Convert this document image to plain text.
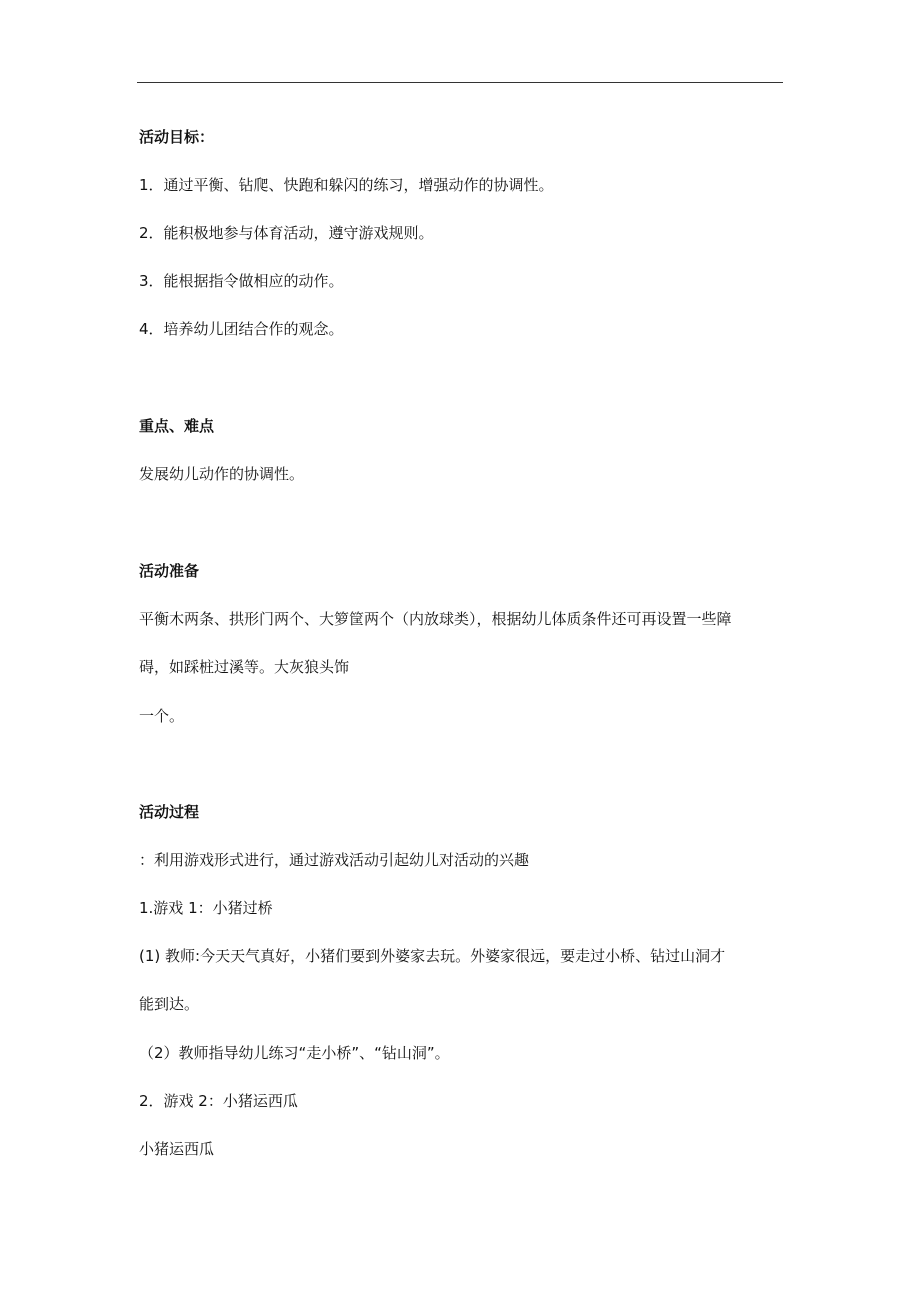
活动目标：
1．通过平衡、钻爬、快跑和躲闪的练习，增强动作的协调性。
2．能积极地参与体育活动，遵守游戏规则。
3．能根据指令做相应的动作。
4．培养幼儿团结合作的观念。
重点、难点
发展幼儿动作的协调性。
活动准备
平衡木两条、拱形门两个、大箩筐两个（内放球类），根据幼儿体质条件还可再设置一些障
碍，如踩桩过溪等。大灰狼头饰
一个。
活动过程
：利用游戏形式进行，通过游戏活动引起幼儿对活动的兴趣
1.游戏 1：小猪过桥
(1) 教师:今天天气真好，小猪们要到外婆家去玩。外婆家很远，要走过小桥、钻过山洞才
能到达。
（2）教师指导幼儿练习“走小桥”、“钻山洞”。
2．游戏 2：小猪运西瓜
小猪运西瓜
